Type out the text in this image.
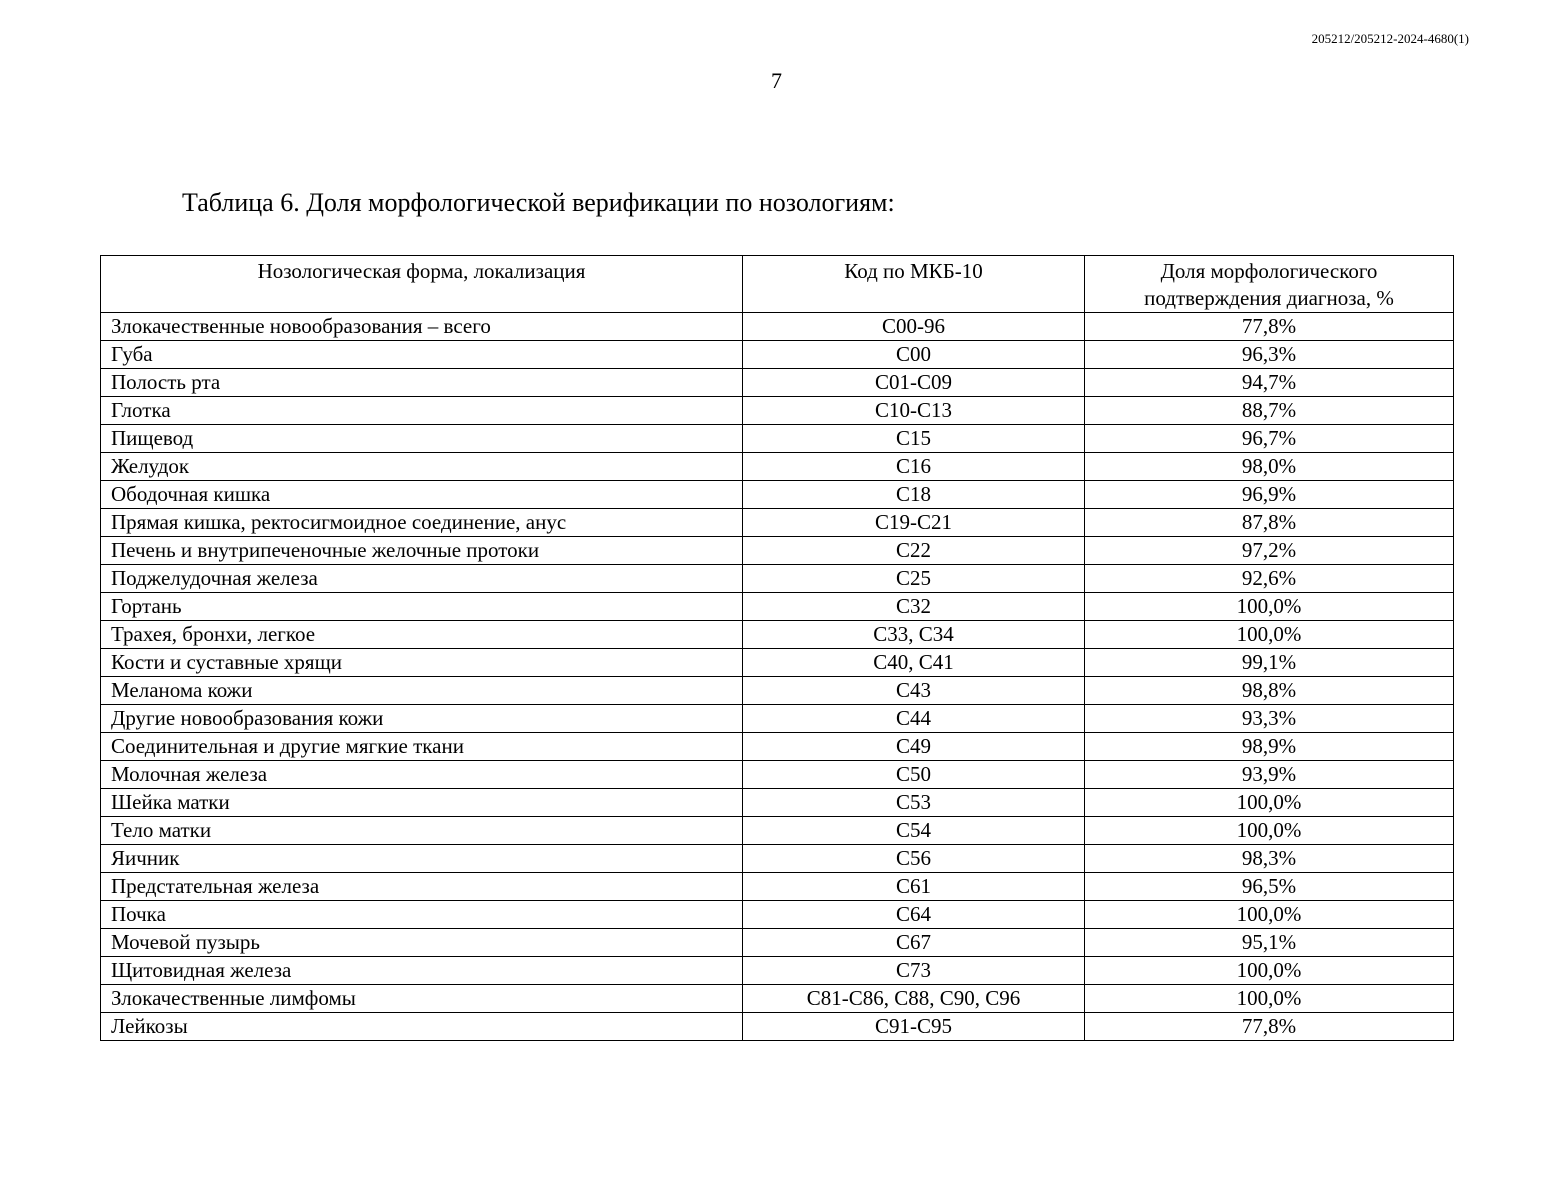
205212/205212-2024-4680(1)
7
Таблица 6. Доля морфологической верификации по нозологиям:
Нозологическая форма, локализация	Код по МКБ-10	Доля морфологического подтверждения диагноза, %
Злокачественные новообразования – всего	C00-96	77,8%
Губа	C00	96,3%
Полость рта	C01-C09	94,7%
Глотка	C10-C13	88,7%
Пищевод	C15	96,7%
Желудок	C16	98,0%
Ободочная кишка	C18	96,9%
Прямая кишка, ректосигмоидное соединение, анус	C19-C21	87,8%
Печень и внутрипеченочные желочные протоки	C22	97,2%
Поджелудочная железа	C25	92,6%
Гортань	C32	100,0%
Трахея, бронхи, легкое	C33, C34	100,0%
Кости и суставные хрящи	C40, C41	99,1%
Меланома кожи	C43	98,8%
Другие новообразования кожи	C44	93,3%
Соединительная и другие мягкие ткани	C49	98,9%
Молочная железа	C50	93,9%
Шейка матки	C53	100,0%
Тело матки	C54	100,0%
Яичник	C56	98,3%
Предстательная железа	C61	96,5%
Почка	C64	100,0%
Мочевой пузырь	C67	95,1%
Щитовидная железа	C73	100,0%
Злокачественные лимфомы	C81-C86, C88, C90, C96	100,0%
Лейкозы	C91-C95	77,8%
